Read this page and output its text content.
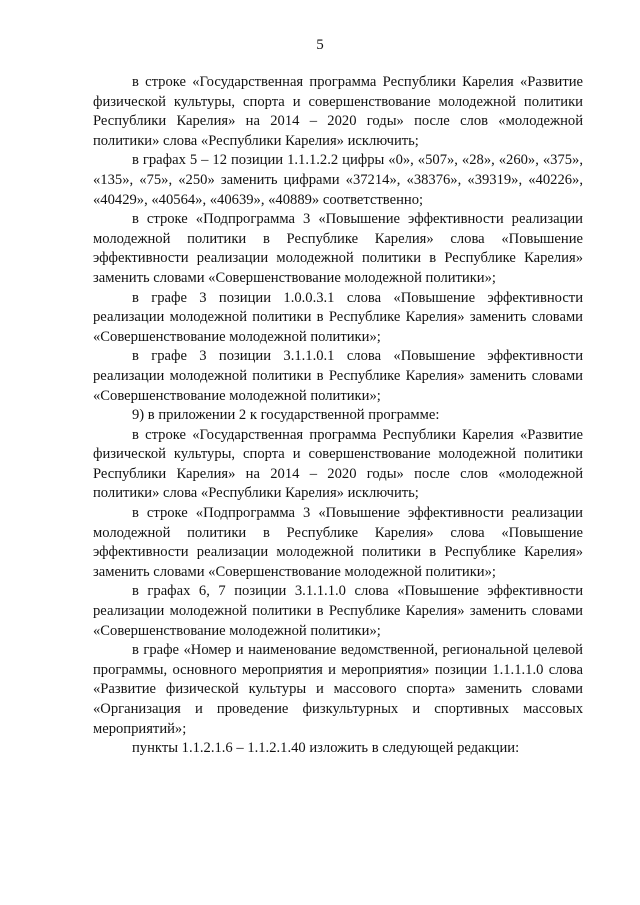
5

в строке «Государственная программа Республики Карелия «Развитие физической культуры, спорта и совершенствование молодежной политики Республики Карелия» на 2014 – 2020 годы» после слов «молодежной политики» слова «Республики Карелия» исключить;

в графах 5 – 12 позиции 1.1.1.2.2 цифры «0», «507», «28», «260», «375», «135», «75», «250» заменить цифрами «37214», «38376», «39319», «40226», «40429», «40564», «40639», «40889» соответственно;

в строке «Подпрограмма 3 «Повышение эффективности реализации молодежной политики в Республике Карелия» слова «Повышение эффективности реализации молодежной политики в Республике Карелия» заменить словами «Совершенствование молодежной политики»;

в графе 3 позиции 1.0.0.3.1 слова «Повышение эффективности реализации молодежной политики в Республике Карелия» заменить словами «Совершенствование молодежной политики»;

в графе 3 позиции 3.1.1.0.1 слова «Повышение эффективности реализации молодежной политики в Республике Карелия» заменить словами «Совершенствование молодежной политики»;

9) в приложении 2 к государственной программе:

в строке «Государственная программа Республики Карелия «Развитие физической культуры, спорта и совершенствование молодежной политики Республики Карелия» на 2014 – 2020 годы» после слов «молодежной политики» слова «Республики Карелия» исключить;

в строке «Подпрограмма 3 «Повышение эффективности реализации молодежной политики в Республике Карелия» слова «Повышение эффективности реализации молодежной политики в Республике Карелия» заменить словами «Совершенствование молодежной политики»;

в графах 6, 7 позиции 3.1.1.1.0 слова «Повышение эффективности реализации молодежной политики в Республике Карелия» заменить словами «Совершенствование молодежной политики»;

в графе «Номер и наименование ведомственной, региональной целевой программы, основного мероприятия и мероприятия» позиции 1.1.1.1.0 слова «Развитие физической культуры и массового спорта» заменить словами «Организация и проведение физкультурных и спортивных массовых мероприятий»;

пункты 1.1.2.1.6 – 1.1.2.1.40 изложить в следующей редакции:
